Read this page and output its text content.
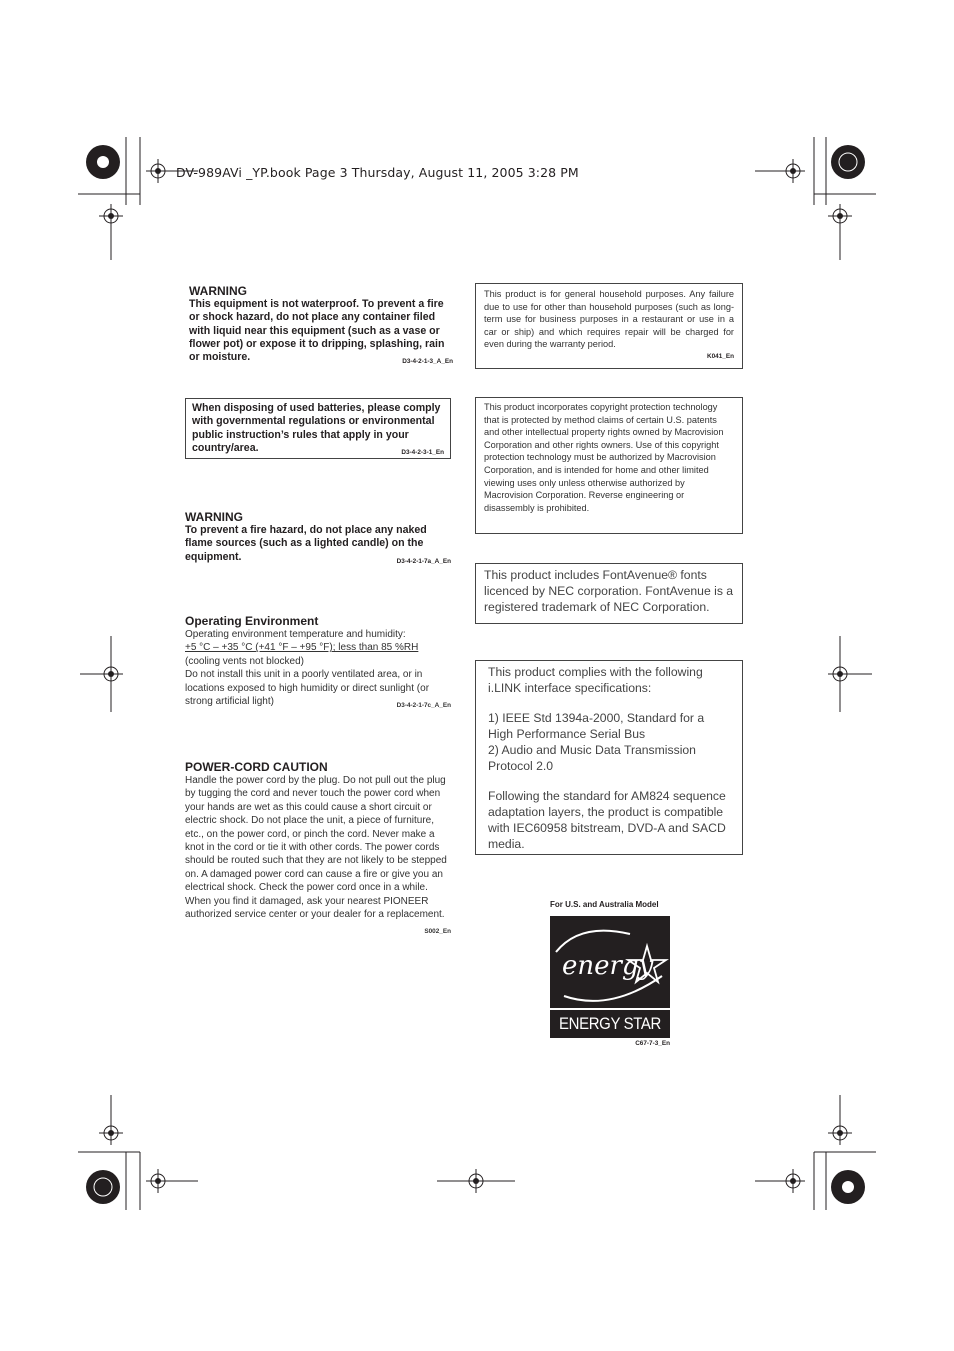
DV-989AVi _YP.book Page 3 Thursday, August 11, 2005 3:28 PM

WARNING

This equipment is not waterproof. To prevent a fire or shock hazard, do not place any container filed with liquid near this equipment (such as a vase or flower pot) or expose it to dripping, splashing, rain or moisture.	D3-4-2-1-3_A_En

When disposing of used batteries, please comply with governmental regulations or environmental public instruction’s rules that apply in your country/area.	D3-4-2-3-1_En

WARNING

To prevent a fire hazard, do not place any naked flame sources (such as a lighted candle) on the equipment.	D3-4-2-1-7a_A_En

Operating Environment

Operating environment temperature and humidity:

+5 °C – +35 °C (+41 °F – +95 °F); less than 85 %RH

(cooling vents not blocked)

Do not install this unit in a poorly ventilated area, or in locations exposed to high humidity or direct sunlight (or strong artificial light)	D3-4-2-1-7c_A_En

POWER-CORD CAUTION

Handle the power cord by the plug. Do not pull out the plug by tugging the cord and never touch the power cord when your hands are wet as this could cause a short circuit or electric shock. Do not place the unit, a piece of furniture, etc., on the power cord, or pinch the cord. Never make a knot in the cord or tie it with other cords. The power cords should be routed such that they are not likely to be stepped on. A damaged power cord can cause a fire or give you an electrical shock. Check the power cord once in a while. When you find it damaged, ask your nearest PIONEER authorized service center or your dealer for a replacement.
S002_En

This product is for general household purposes. Any failure due to use for other than household purposes (such as long-term use for business purposes in a restaurant or use in a car or ship) and which requires repair will be charged for even during the warranty period.

K041_En

This product incorporates copyright protection technology that is protected by method claims of certain U.S. patents and other intellectual property rights owned by Macrovision Corporation and other rights owners. Use of this copyright protection technology must be authorized by Macrovision Corporation, and is intended for home and other limited viewing uses only unless otherwise authorized by Macrovision Corporation. Reverse engineering or disassembly is prohibited.

This product includes FontAvenue® fonts licenced by NEC corporation. FontAvenue is a registered trademark of NEC Corporation.

This product complies with the following i.LINK interface specifications:

1) IEEE Std 1394a-2000, Standard for a High Performance Serial Bus

2) Audio and Music Data Transmission Protocol 2.0

Following the standard for AM824 sequence adaptation layers, the product is compatible with IEC60958 bitstream, DVD-A and SACD media.

For U.S. and Australia Model
energy
ENERGY STAR
C67-7-3_En
